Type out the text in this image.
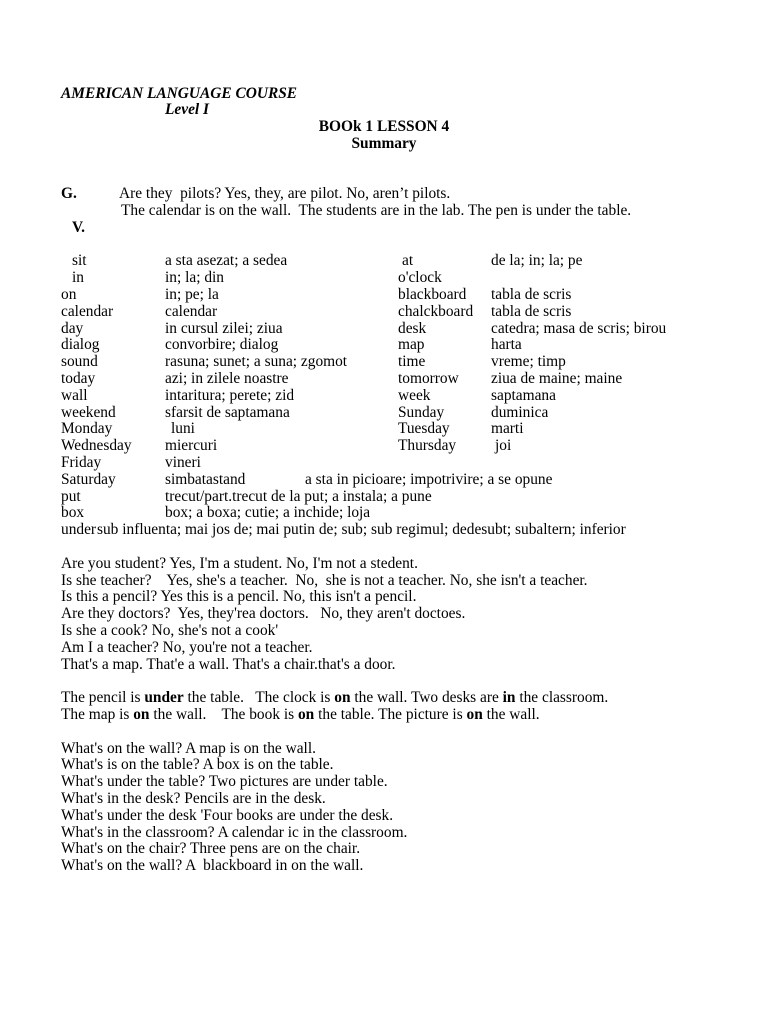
AMERICAN LANGUAGE COURSE
Level I
BOOk 1 LESSON 4
Summary
G.	Are they  pilots? Yes, they, are pilot. No, aren’t pilots.
The calendar is on the wall.  The students are in the lab. The pen is under the table.
V.
sit	a sta asezat; a sedea	at	de la; in; la; pe
in	in; la; din	o'clock
on	in; pe; la	blackboard tabla de scris
calendar	calendar	chalckboard tabla de scris
day	in cursul zilei; ziua	desk	catedra; masa de scris; birou
dialog	convorbire; dialog	map	harta
sound	rasuna; sunet; a suna; zgomot	time	vreme; timp
today	azi; in zilele noastre	tomorrow ziua de maine; maine
wall	intaritura; perete; zid	week	saptamana
weekend	sfarsit de saptamana	Sunday	duminica
Monday	luni	Tuesday	marti
Wednesday miercuri	Thursday	joi
Friday	vineri
Saturday	simbatastand	a sta in picioare; impotrivire; a se opune
put	trecut/part.trecut de la put; a instala; a pune
box	box; a boxa; cutie; a inchide; loja
under sub influenta; mai jos de; mai putin de; sub; sub regimul; dedesubt; subaltern; inferior
Are you student? Yes, I'm a student. No, I'm not a stedent.
Is she teacher?    Yes, she's a teacher.  No,  she is not a teacher. No, she isn't a teacher.
Is this a pencil? Yes this is a pencil. No, this isn't a pencil.
Are they doctors?  Yes, they'rea doctors.   No, they aren't doctoes.
Is she a cook? No, she's not a cook'
Am I a teacher? No, you're not a teacher.
That's a map. That'e a wall. That's a chair.that's a door.
The pencil is under the table.   The clock is on the wall. Two desks are in the classroom.
The map is on the wall.    The book is on the table. The picture is on the wall.
What's on the wall? A map is on the wall.
What's is on the table? A box is on the table.
What's under the table? Two pictures are under table.
What's in the desk? Pencils are in the desk.
What's under the desk 'Four books are under the desk.
What's in the classroom? A calendar ic in the classroom.
What's on the chair? Three pens are on the chair.
What's on the wall? A  blackboard in on the wall.
